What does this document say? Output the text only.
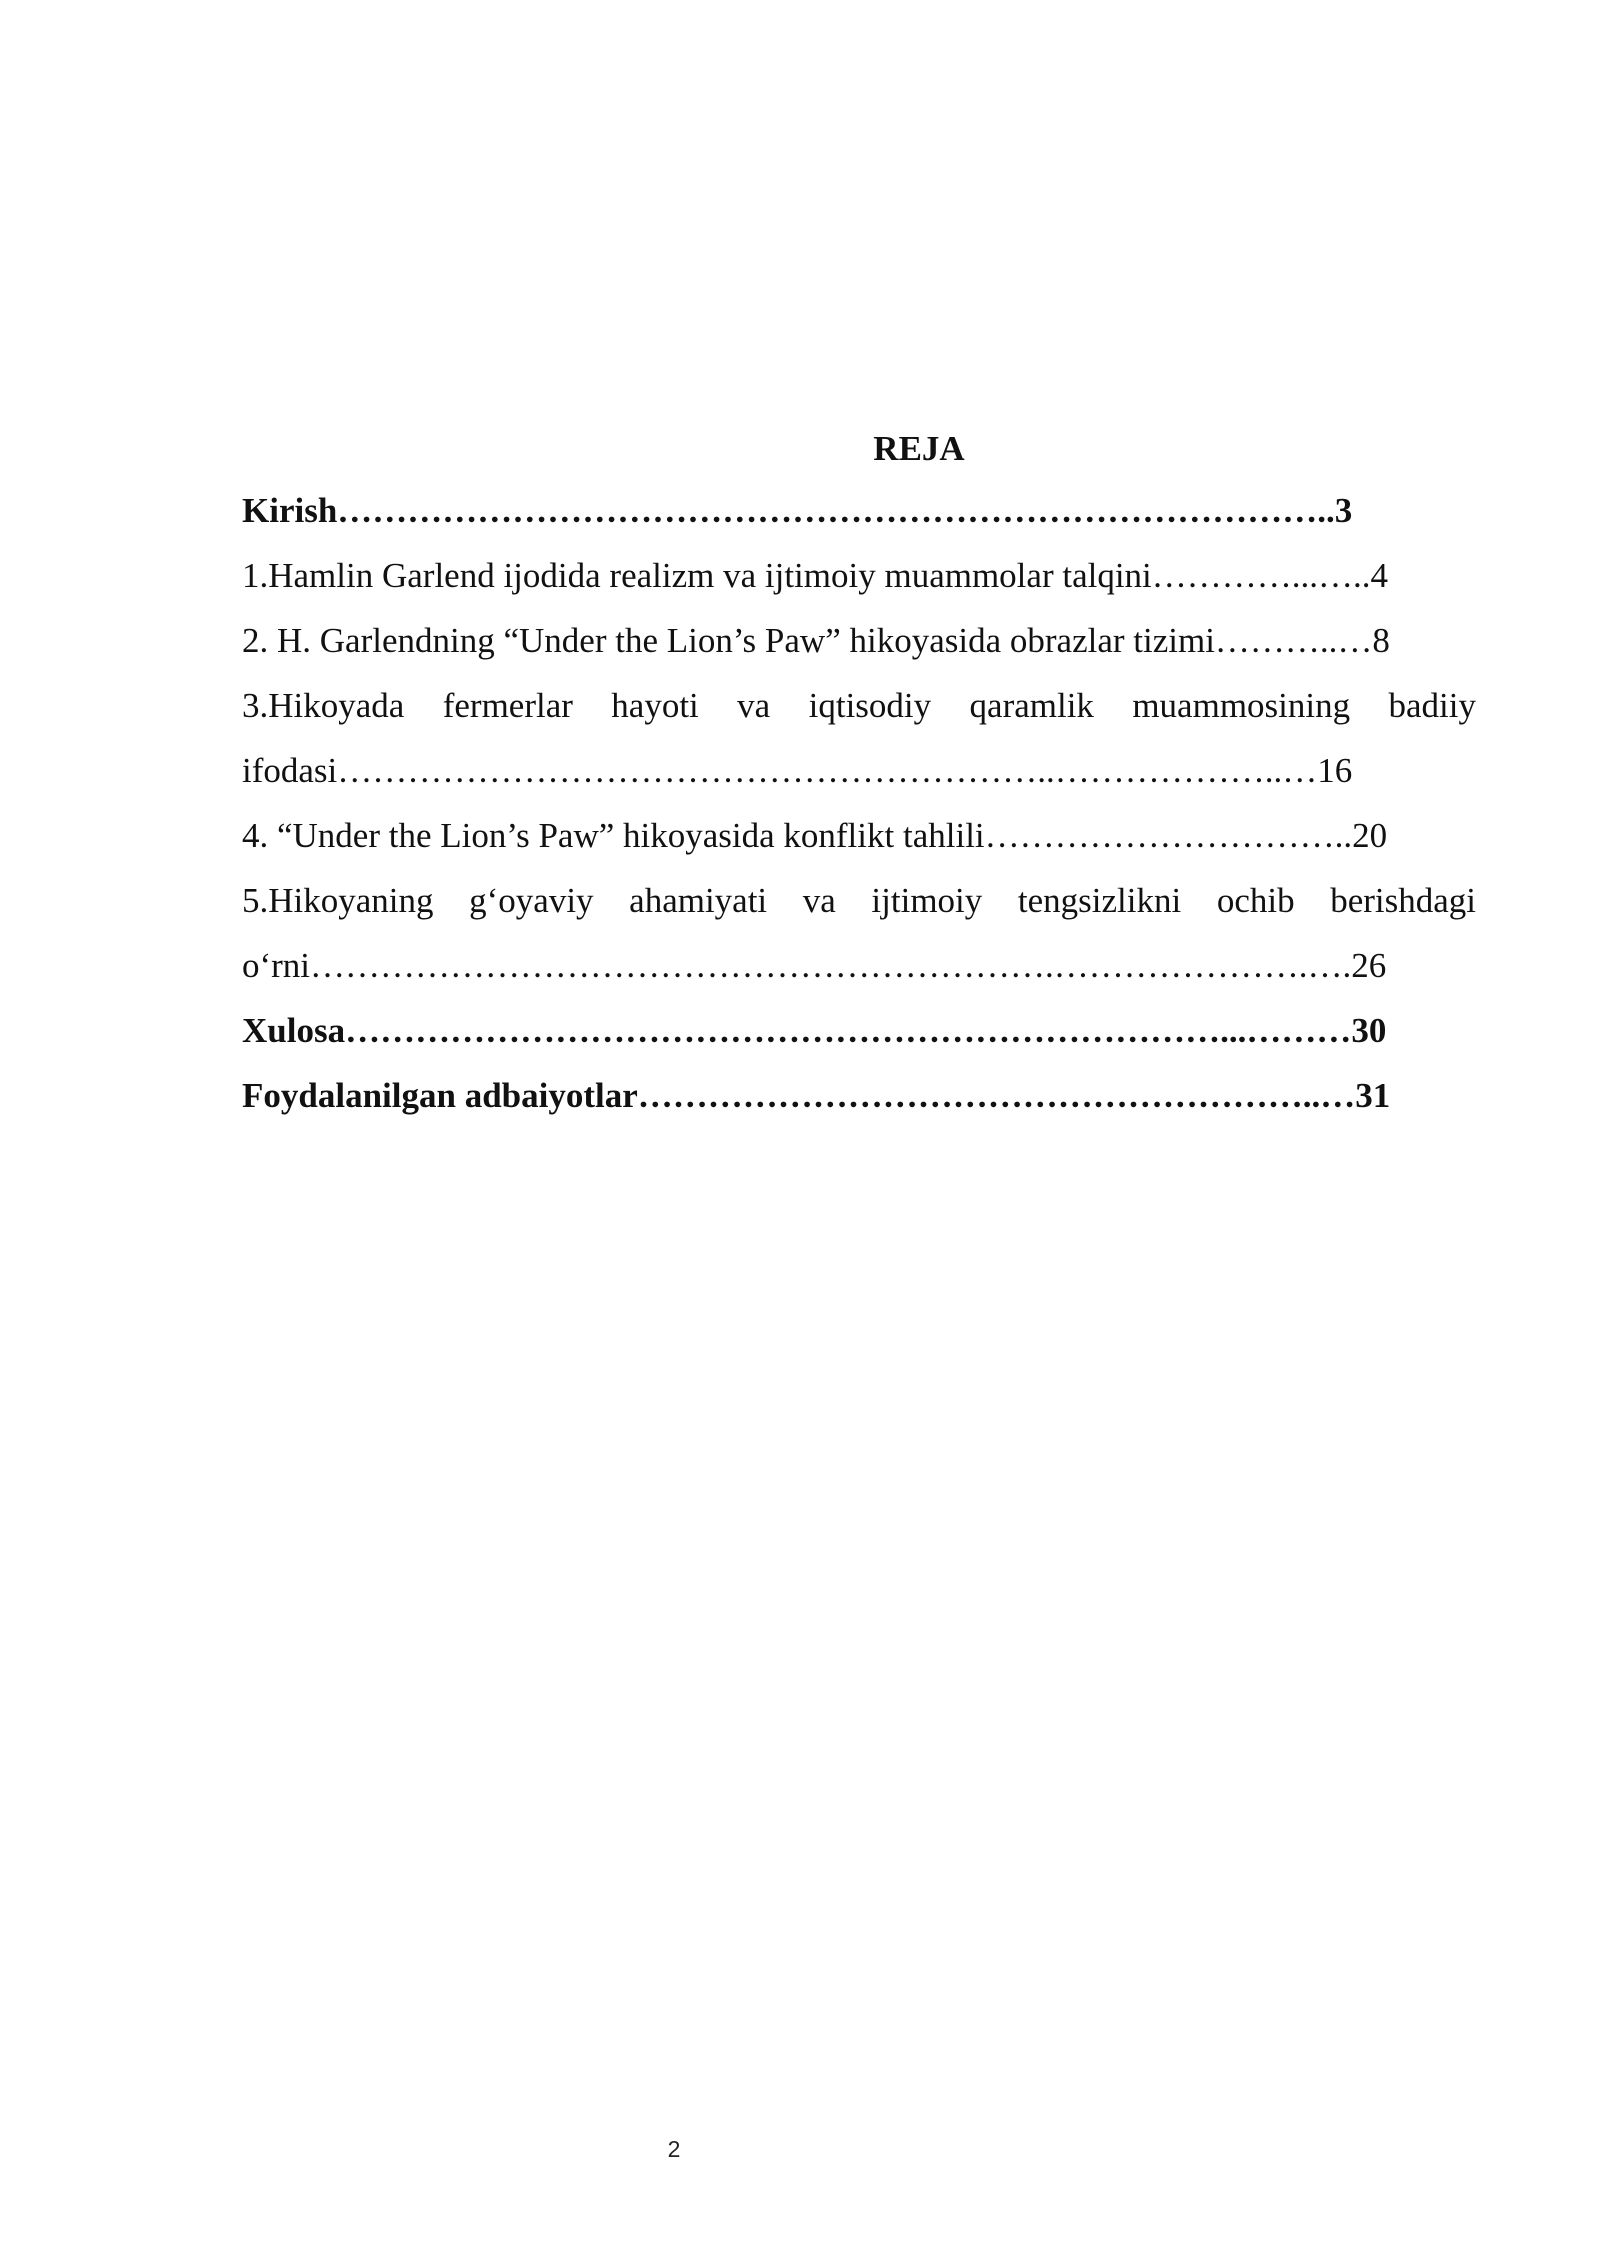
REJA
Kirish…………………………………………………………………………..3
1.Hamlin Garlend ijodida realizm va ijtimoiy muammolar talqini…………...…..4
2. H. Garlendning “Under the Lion’s Paw” hikoyasida obrazlar tizimi………..…8
3.Hikoyada fermerlar hayoti va iqtisodiy qaramlik muammosining badiiy
ifodasi……………………………………………………..………………..…16
4. “Under the Lion’s Paw” hikoyasida konflikt tahlili…………………………..20
5.Hikoyaning g‘oyaviy ahamiyati va ijtimoiy tengsizlikni ochib berishdagi
o‘rni……………………………………………………….………………….….26
Xulosa…………………………………………………………………...………30
Foydalanilgan adbaiyotlar…………………………………………………..…31
2
